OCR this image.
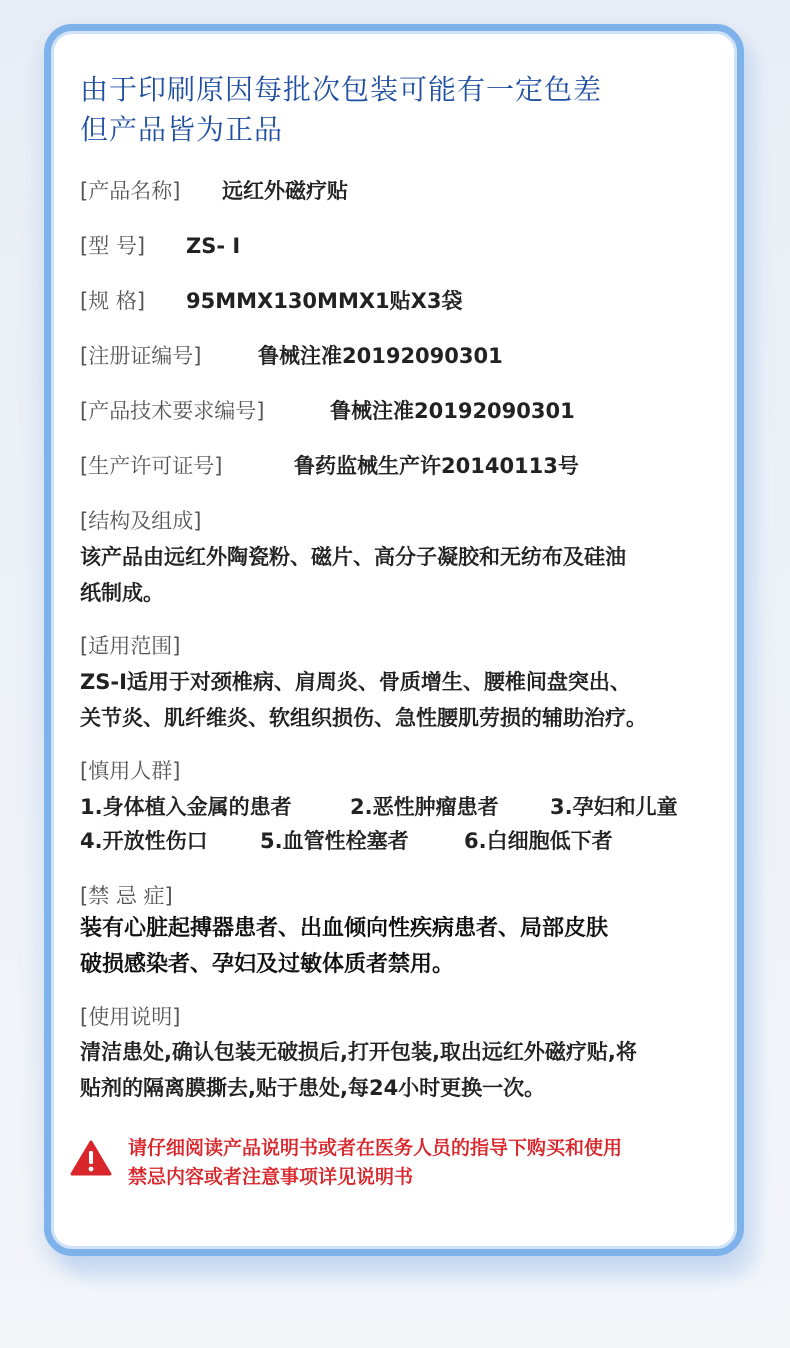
由于印刷原因每批次包装可能有一定色差
但产品皆为正品
[产品名称] 远红外磁疗贴
[型 号] ZS- I
[规 格] 95MMX130MMX1贴X3袋
[注册证编号]	鲁械注准20192090301
[产品技术要求编号]	鲁械注准20192090301
[生产许可证号]	鲁药监械生产许20140113号
[结构及组成]
该产品由远红外陶瓷粉、磁片、高分子凝胶和无纺布及硅油
纸制成。
[适用范围]
ZS-I适用于对颈椎病、肩周炎、骨质增生、腰椎间盘突出、
关节炎、肌纤维炎、软组织损伤、急性腰肌劳损的辅助治疗。
[慎用人群]
1.身体植入金属的患者	2.恶性肿瘤患者 3.孕妇和儿童
4.开放性伤口 5.血管性栓塞者	6.白细胞低下者
[禁 忌 症]
装有心脏起搏器患者、出血倾向性疾病患者、局部皮肤
破损感染者、孕妇及过敏体质者禁用。
[使用说明]
清洁患处,确认包装无破损后,打开包装,取出远红外磁疗贴,将
贴剂的隔离膜撕去,贴于患处,每24小时更换一次。
请仔细阅读产品说明书或者在医务人员的指导下购买和使用
禁忌内容或者注意事项详见说明书
